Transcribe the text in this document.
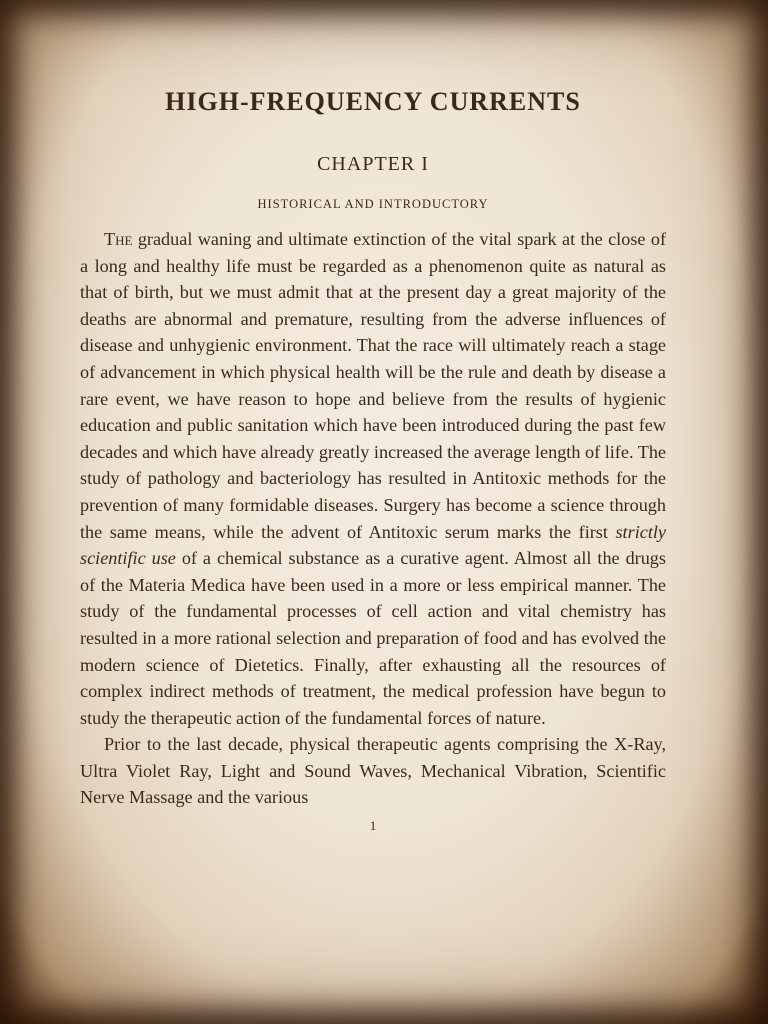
HIGH-FREQUENCY CURRENTS
CHAPTER I
HISTORICAL AND INTRODUCTORY

The gradual waning and ultimate extinction of the vital spark at the close of a long and healthy life must be regarded as a phenomenon quite as natural as that of birth, but we must admit that at the present day a great majority of the deaths are abnormal and premature, resulting from the adverse influences of disease and unhygienic environment. That the race will ultimately reach a stage of advancement in which physical health will be the rule and death by disease a rare event, we have reason to hope and believe from the results of hygienic education and public sanitation which have been introduced during the past few decades and which have already greatly increased the average length of life. The study of pathology and bacteriology has resulted in Antitoxic methods for the prevention of many formidable diseases. Surgery has become a science through the same means, while the advent of Antitoxic serum marks the first strictly scientific use of a chemical substance as a curative agent. Almost all the drugs of the Materia Medica have been used in a more or less empirical manner. The study of the fundamental processes of cell action and vital chemistry has resulted in a more rational selection and preparation of food and has evolved the modern science of Dietetics. Finally, after exhausting all the resources of complex indirect methods of treatment, the medical profession have begun to study the therapeutic action of the fundamental forces of nature.

Prior to the last decade, physical therapeutic agents comprising the X-Ray, Ultra Violet Ray, Light and Sound Waves, Mechanical Vibration, Scientific Nerve Massage and the various

1
